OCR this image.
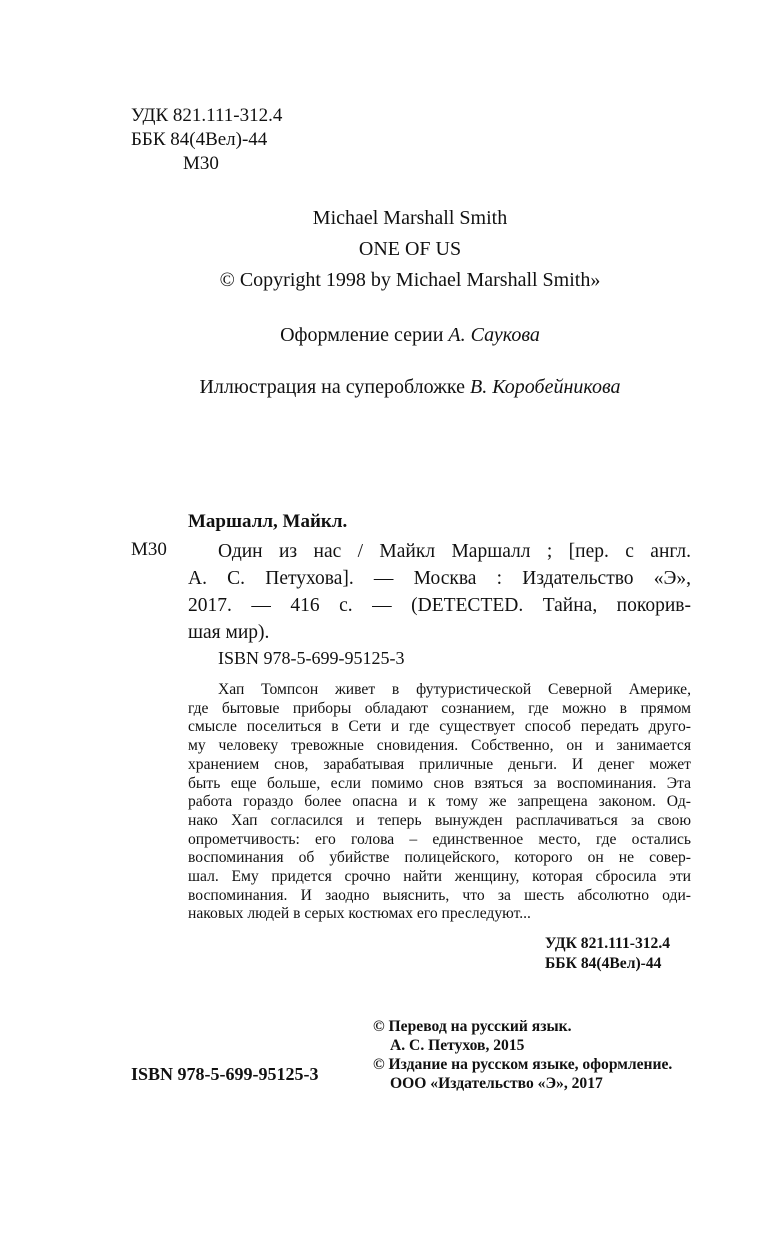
УДК 821.111-312.4
ББК 84(4Вел)-44
М30
Michael Marshall Smith
ONE OF US
© Copyright 1998 by Michael Marshall Smith»
Оформление серии А. Саукова
Иллюстрация на суперобложке В. Коробейникова
Маршалл, Майкл.
М30	Один из нас / Майкл Маршалл ; [пер. с англ.
А. С. Петухова]. — Москва : Издательство «Э»,
2017. — 416 с. — (DETECTED. Тайна, покорив-
шая мир).
ISBN 978-5-699-95125-3
Хап Томпсон живет в футуристической Северной Америке,
где бытовые приборы обладают сознанием, где можно в прямом
смысле поселиться в Сети и где существует способ передать друго-
му человеку тревожные сновидения. Собственно, он и занимается
хранением снов, зарабатывая приличные деньги. И денег может
быть еще больше, если помимо снов взяться за воспоминания. Эта
работа гораздо более опасна и к тому же запрещена законом. Од-
нако Хап согласился и теперь вынужден расплачиваться за свою
опрометчивость: его голова – единственное место, где остались
воспоминания об убийстве полицейского, которого он не совер-
шал. Ему придется срочно найти женщину, которая сбросила эти
воспоминания. И заодно выяснить, что за шесть абсолютно оди-
наковых людей в серых костюмах его преследуют...
УДК 821.111-312.4
ББК 84(4Вел)-44
© Перевод на русский язык.
А. С. Петухов, 2015
© Издание на русском языке, оформление.
ООО «Издательство «Э», 2017
ISBN 978-5-699-95125-3
